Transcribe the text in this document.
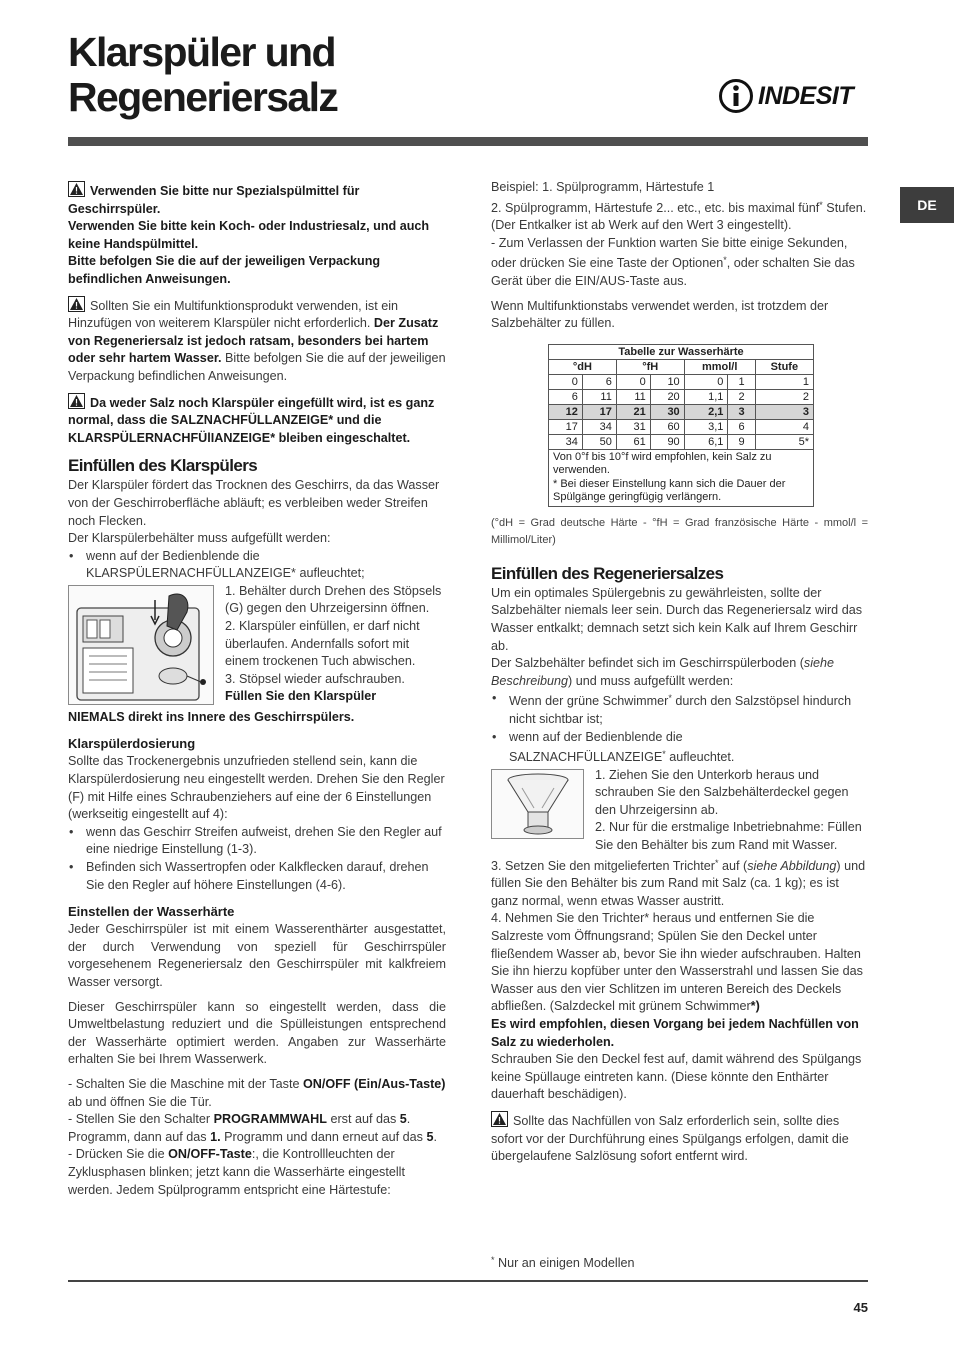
Klarspüler und
Regeneriersalz	INDESIT
DE

Verwenden Sie bitte nur Spezialspülmittel für Geschirrspüler.
Verwenden Sie bitte kein Koch- oder Industriesalz, und auch keine Handspülmittel.
Bitte befolgen Sie die auf der jeweiligen Verpackung befindlichen Anweisungen.

Sollten Sie ein Multifunktionsprodukt verwenden, ist ein Hinzufügen von weiterem Klarspüler nicht erforderlich. Der Zusatz von Regeneriersalz ist jedoch ratsam, besonders bei hartem oder sehr hartem Wasser. Bitte befolgen Sie die auf der jeweiligen Verpackung befindlichen Anweisungen.

Da weder Salz noch Klarspüler eingefüllt wird, ist es ganz normal, dass die SALZNACHFÜLLANZEIGE* und die KLARSPÜLERNACHFÜlIANZEIGE* bleiben eingeschaltet.

Einfüllen des Klarspülers

Der Klarspüler fördert das Trocknen des Geschirrs, da das Wasser von der Geschirroberfläche abläuft; es verbleiben weder Streifen noch Flecken.

Der Klarspülerbehälter muss aufgefüllt werden:

• wenn auf der Bedienblende die
KLARSPÜLERNACHFÜLLANZEIGE* aufleuchtet;

1. Behälter durch Drehen des Stöpsels (G) gegen den Uhrzeigersinn öffnen.

2. Klarspüler einfüllen, er darf nicht überlaufen. Andernfalls sofort mit einem trockenen Tuch abwischen.

3. Stöpsel wieder aufschrauben.

Füllen Sie den Klarspüler

NIEMALS direkt ins Innere des Geschirrspülers.

Klarspülerdosierung

Sollte das Trockenergebnis unzufrieden stellend sein, kann die Klarspülerdosierung neu eingestellt werden. Drehen Sie den Regler (F) mit Hilfe eines Schraubenziehers auf eine der 6 Einstellungen (werkseitig eingestellt auf 4):

• wenn das Geschirr Streifen aufweist, drehen Sie den Regler auf eine niedrige Einstellung (1-3).

• Befinden sich Wassertropfen oder Kalkflecken darauf, drehen Sie den Regler auf höhere Einstellungen (4-6).

Einstellen der Wasserhärte

Jeder Geschirrspüler ist mit einem Wasserenthärter ausgestattet, der durch Verwendung von speziell für Geschirrspüler vorgesehenem Regeneriersalz den Geschirrspüler mit kalkfreiem Wasser versorgt.

Dieser Geschirrspüler kann so eingestellt werden, dass die Umweltbelastung reduziert und die Spülleistungen entsprechend der Wasserhärte optimiert werden. Angaben zur Wasserhärte erhalten Sie bei Ihrem Wasserwerk.

- Schalten Sie die Maschine mit der Taste ON/OFF (Ein/Aus-Taste) ab und öffnen Sie die Tür.

- Stellen Sie den Schalter PROGRAMMWAHL erst auf das 5. Programm, dann auf das 1. Programm und dann erneut auf das 5.

- Drücken Sie die ON/OFF-Taste:, die Kontrollleuchten der Zyklusphasen blinken; jetzt kann die Wasserhärte eingestellt werden. Jedem Spülprogramm entspricht eine Härtestufe:

Beispiel: 1. Spülprogramm, Härtestufe 1

2. Spülprogramm, Härtestufe 2... etc., etc. bis maximal fünf* Stufen.

(Der Entkalker ist ab Werk auf den Wert 3 eingestellt).

- Zum Verlassen der Funktion warten Sie bitte einige Sekunden, oder drücken Sie eine Taste der Optionen*, oder schalten Sie das Gerät über die EIN/AUS-Taste aus.

Wenn Multifunktionstabs verwendet werden, ist trotzdem der Salzbehälter zu füllen.

Tabelle zur Wasserhärte						
°dH		°fH		mmol/l		Stufe
0	6	0	10	0	1	1
6	11	11	20	1,1	2	2
12	17	21	30	2,1	3	3
17	34	31	60	3,1	6	4
34	50	61	90	6,1	9	5*
Von 0°f bis 10°f wird empfohlen, kein Salz zu verwenden.
* Bei dieser Einstellung kann sich die Dauer der Spülgänge geringfügig verlängern.						

(°dH = Grad deutsche Härte - °fH = Grad französische Härte - mmol/l = Millimol/Liter)

Einfüllen des Regeneriersalzes

Um ein optimales Spülergebnis zu gewährleisten, sollte der Salzbehälter niemals leer sein. Durch das Regeneriersalz wird das Wasser entkalkt; demnach setzt sich kein Kalk auf Ihrem Geschirr ab.

Der Salzbehälter befindet sich im Geschirrspülerboden (siehe Beschreibung) und muss aufgefüllt werden:

• Wenn der grüne Schwimmer* durch den Salzstöpsel hindurch nicht sichtbar ist;

• wenn auf der Bedienblende die
SALZNACHFÜLLANZEIGE* aufleuchtet.

1. Ziehen Sie den Unterkorb heraus und schrauben Sie den Salzbehälterdeckel gegen den Uhrzeigersinn ab.

2. Nur für die erstmalige Inbetriebnahme: Füllen Sie den Behälter bis zum Rand mit Wasser.

3. Setzen Sie den mitgelieferten Trichter* auf (siehe Abbildung) und füllen Sie den Behälter bis zum Rand mit Salz (ca. 1 kg); es ist ganz normal, wenn etwas Wasser austritt.

4. Nehmen Sie den Trichter* heraus und entfernen Sie die Salzreste vom Öffnungsrand; Spülen Sie den Deckel unter fließendem Wasser ab, bevor Sie ihn wieder aufschrauben. Halten Sie ihn hierzu kopfüber unter den Wasserstrahl und lassen Sie das Wasser aus den vier Schlitzen im unteren Bereich des Deckels abfließen. (Salzdeckel mit grünem Schwimmer*)

Es wird empfohlen, diesen Vorgang bei jedem Nachfüllen von Salz zu wiederholen.

Schrauben Sie den Deckel fest auf, damit während des Spülgangs keine Spüllauge eintreten kann. (Diese könnte den Enthärter dauerhaft beschädigen).

Sollte das Nachfüllen von Salz erforderlich sein, sollte dies sofort vor der Durchführung eines Spülgangs erfolgen, damit die übergelaufene Salzlösung sofort entfernt wird.

* Nur an einigen Modellen
45
